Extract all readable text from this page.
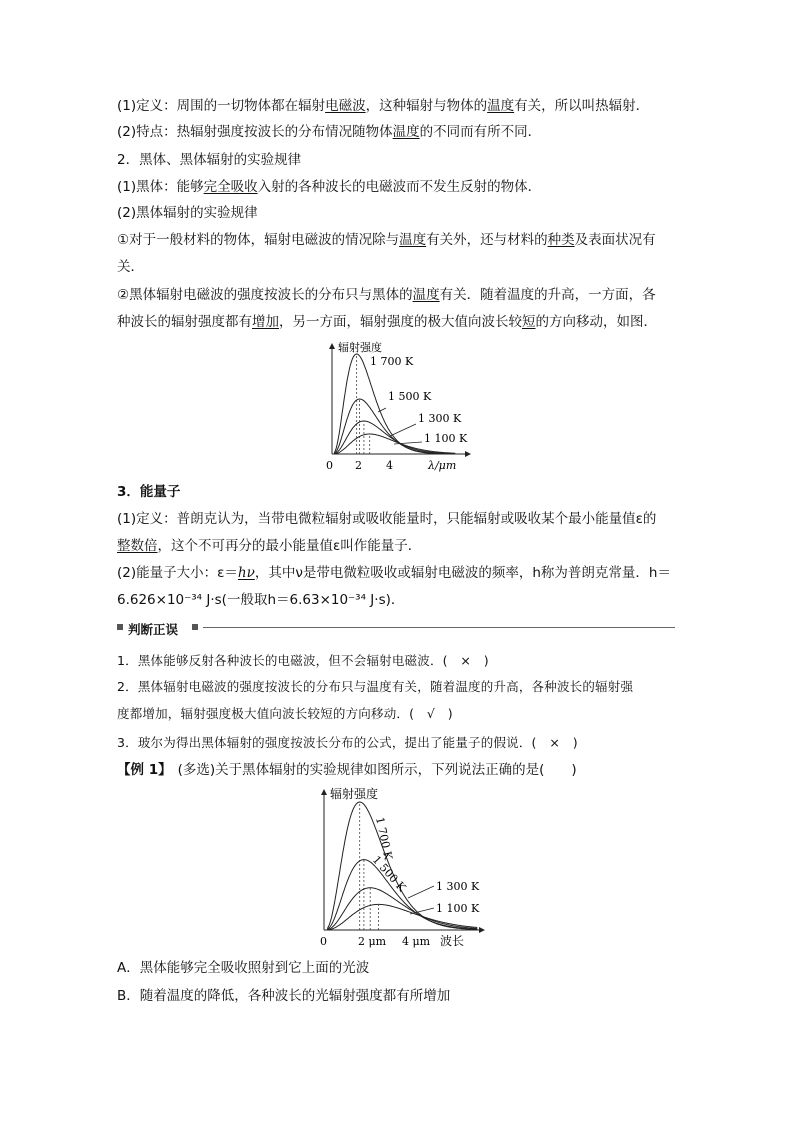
(1)定义：周围的一切物体都在辐射电磁波，这种辐射与物体的温度有关，所以叫热辐射．
(2)特点：热辐射强度按波长的分布情况随物体温度的不同而有所不同．
2．黑体、黑体辐射的实验规律
(1)黑体：能够完全吸收入射的各种波长的电磁波而不发生反射的物体．
(2)黑体辐射的实验规律
①对于一般材料的物体，辐射电磁波的情况除与温度有关外，还与材料的种类及表面状况有
关．
②黑体辐射电磁波的强度按波长的分布只与黑体的温度有关．随着温度的升高，一方面，各
种波长的辐射强度都有增加，另一方面，辐射强度的极大值向波长较短的方向移动，如图．
辐射强度
0 2 4	λ/μm
1 700 K
1 500 K
1 300 K
1 100 K
3．能量子
(1)定义：普朗克认为，当带电微粒辐射或吸收能量时，只能辐射或吸收某个最小能量值ε的
整数倍，这个不可再分的最小能量值ε叫作能量子．
(2)能量子大小：ε＝hν，其中ν是带电微粒吸收或辐射电磁波的频率，h称为普朗克常量．h＝
6.626×10⁻³⁴ J·s(一般取h＝6.63×10⁻³⁴ J·s)．
判断正误
1．黑体能够反射各种波长的电磁波，但不会辐射电磁波．(　×　)
2．黑体辐射电磁波的强度按波长的分布只与温度有关，随着温度的升高，各种波长的辐射强
度都增加，辐射强度极大值向波长较短的方向移动．(　√　)
3．玻尔为得出黑体辐射的强度按波长分布的公式，提出了能量子的假说．(　×　)
【例 1】 (多选)关于黑体辐射的实验规律如图所示，下列说法正确的是(　　)
辐射强度
0	2 μm 4 μm 波长
1 700 K
1 500 K	1 300 K
1 100 K
A．黑体能够完全吸收照射到它上面的光波
B．随着温度的降低，各种波长的光辐射强度都有所增加
